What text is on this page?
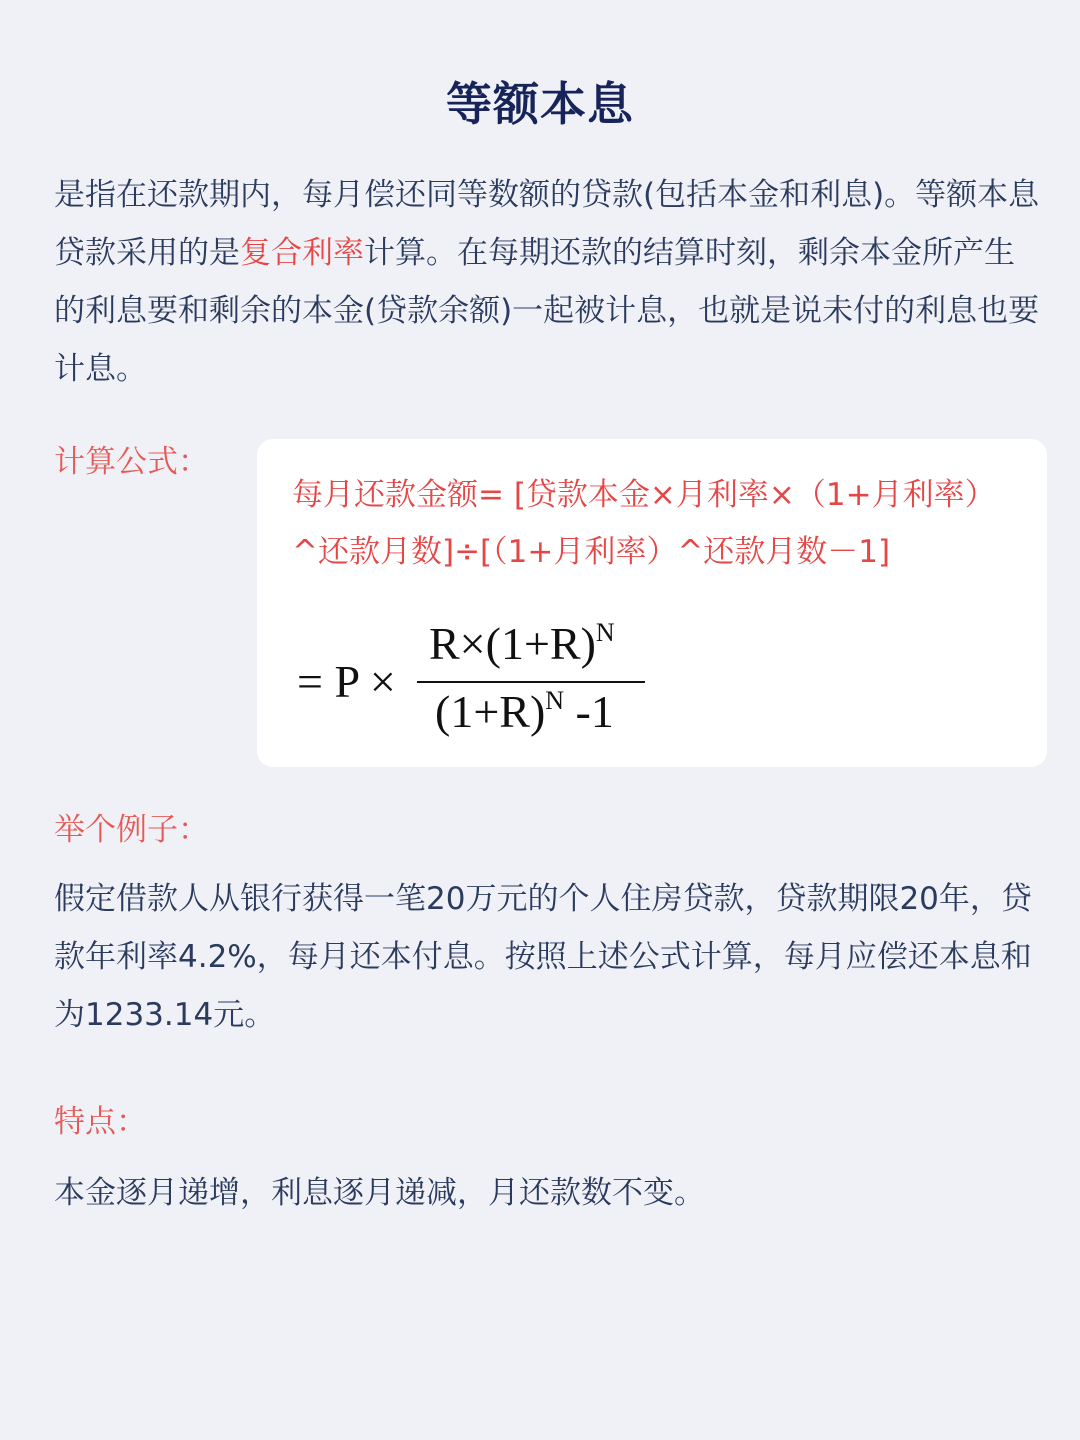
等额本息
是指在还款期内，每月偿还同等数额的贷款(包括本金和利息)。等额本息贷款采用的是复合利率计算。在每期还款的结算时刻，剩余本金所产生的利息要和剩余的本金(贷款余额)一起被计息，也就是说未付的利息也要计息。
计算公式：
每月还款金额= [贷款本金×月利率×（1+月利率）^还款月数]÷[（1+月利率）^还款月数－1]
= P ×
$R\times(1+R)^N$
$(1+R)^N$ -1
举个例子：
假定借款人从银行获得一笔20万元的个人住房贷款，贷款期限20年，贷款年利率4.2%，每月还本付息。按照上述公式计算，每月应偿还本息和为1233.14元。
特点：
本金逐月递增，利息逐月递减，月还款数不变。
